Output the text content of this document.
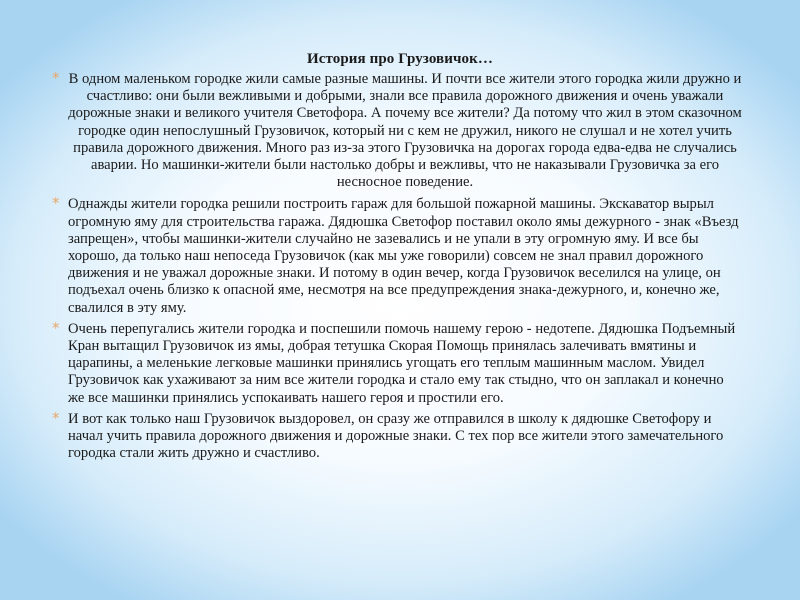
История про Грузовичок…

* В одном маленьком городке жили самые разные машины. И почти все жители этого городка жили дружно и счастливо: они были вежливыми и добрыми, знали все правила дорожного движения и очень уважали дорожные знаки и великого учителя Светофора. А почему все жители? Да потому что жил в этом сказочном городке один непослушный Грузовичок, который ни с кем не дружил, никого не слушал и не хотел учить правила дорожного движения. Много раз из-за этого Грузовичка на дорогах города едва-едва не случались аварии. Но машинки-жители были настолько добры и вежливы, что не наказывали Грузовичка за его несносное поведение.

* Однажды жители городка решили построить гараж для большой пожарной машины. Экскаватор вырыл огромную яму для строительства гаража. Дядюшка Светофор поставил около ямы дежурного - знак «Въезд запрещен», чтобы машинки-жители случайно не зазевались и не упали в эту огромную яму. И все бы хорошо, да только наш непоседа Грузовичок (как мы уже говорили) совсем не знал правил дорожного движения и не уважал дорожные знаки. И потому в один вечер, когда Грузовичок веселился на улице, он подъехал очень близко к опасной яме, несмотря на все предупреждения знака-дежурного, и, конечно же, свалился в эту яму.

* Очень перепугались жители городка и поспешили помочь нашему герою - недотепе. Дядюшка Подъемный Кран вытащил Грузовичок из ямы, добрая тетушка Скорая Помощь принялась залечивать вмятины и царапины, а меленькие легковые машинки принялись угощать его теплым машинным маслом. Увидел Грузовичок как ухаживают за ним все жители городка и стало ему так стыдно, что он заплакал и конечно же все машинки принялись успокаивать нашего героя и простили его.

* И вот как только наш Грузовичок выздоровел, он сразу же отправился в школу к дядюшке Светофору и начал учить правила дорожного движения и дорожные знаки. С тех пор все жители этого замечательного городка стали жить дружно и счастливо.
